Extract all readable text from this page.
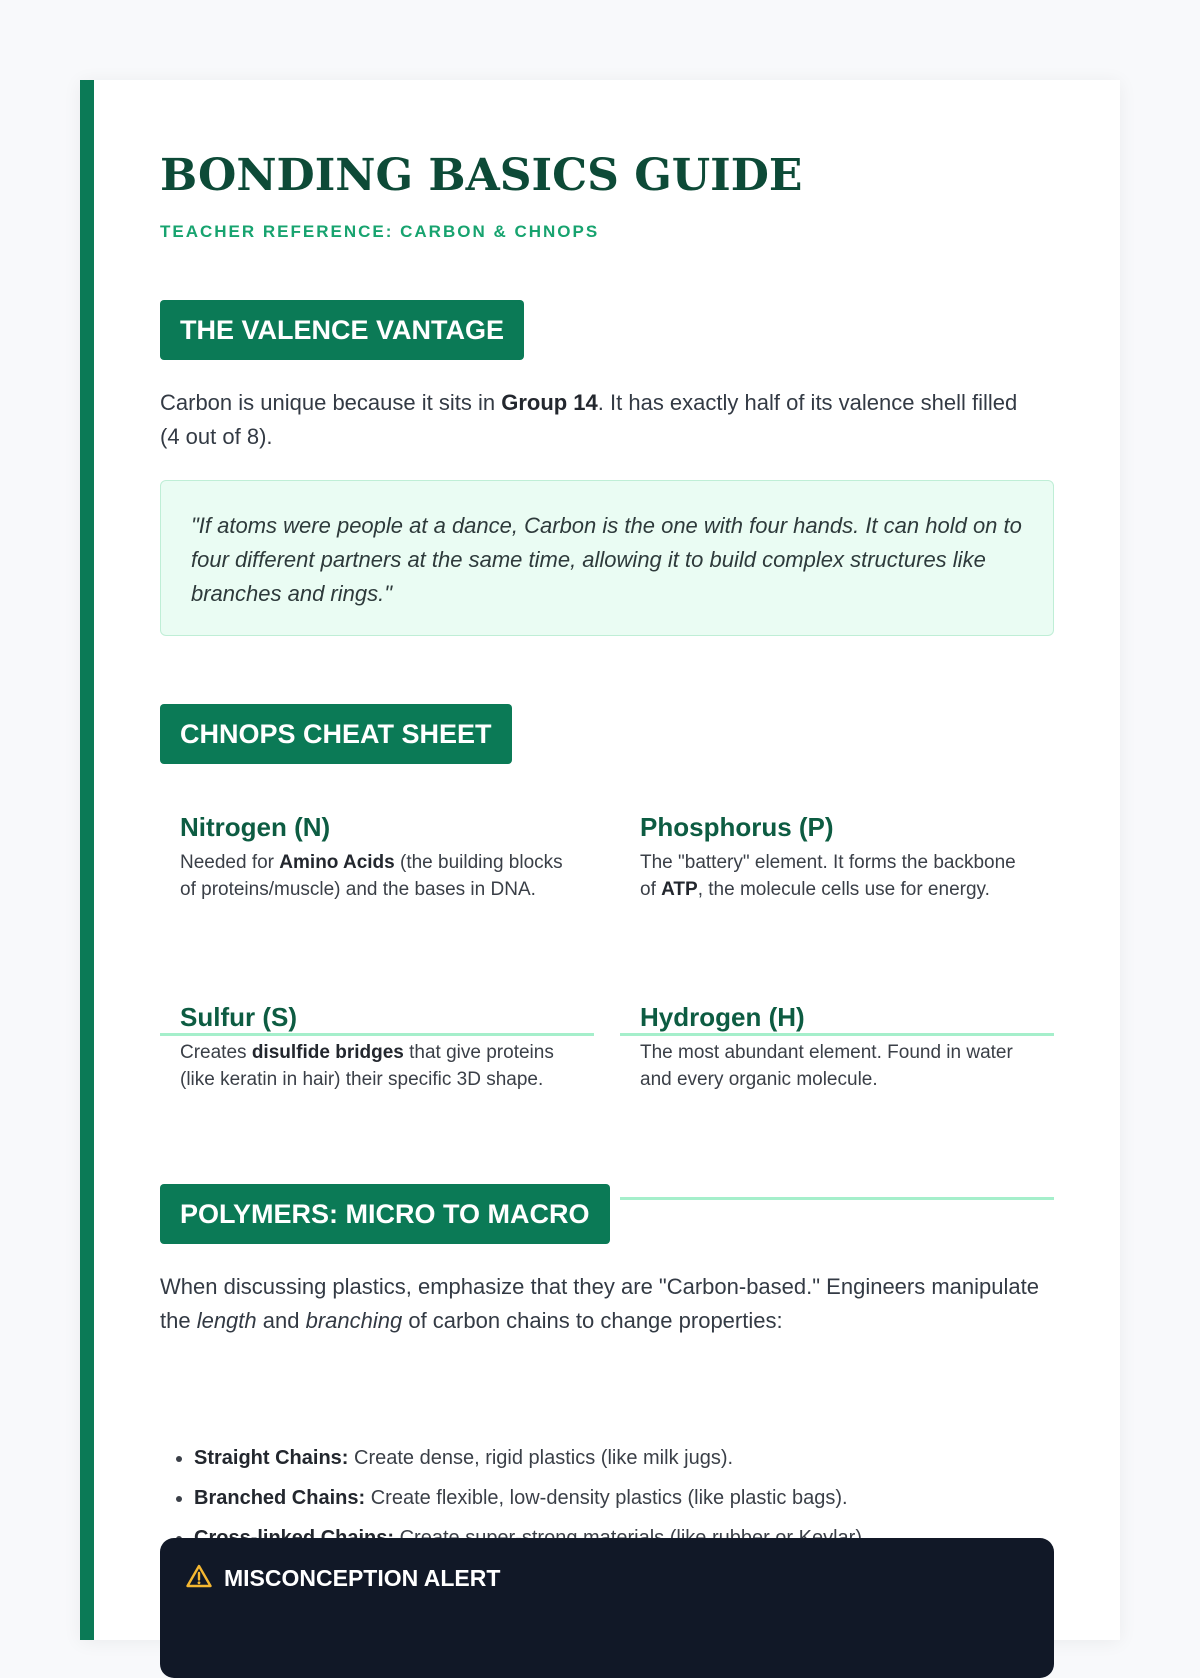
BONDING BASICS GUIDE
TEACHER REFERENCE: CARBON & CHNOPS
THE VALENCE VANTAGE

Carbon is unique because it sits in Group 14. It has exactly half of its valence shell filled (4 out of 8).

"If atoms were people at a dance, Carbon is the one with four hands. It can hold on to four different partners at the same time, allowing it to build complex structures like branches and rings."
CHNOPS CHEAT SHEET
Nitrogen (N)
Needed for Amino Acids (the building blocks of proteins/muscle) and the bases in DNA.
Phosphorus (P)
The "battery" element. It forms the backbone of ATP, the molecule cells use for energy.
Sulfur (S)
Creates disulfide bridges that give proteins (like keratin in hair) their specific 3D shape.
Hydrogen (H)
The most abundant element. Found in water and every organic molecule.
POLYMERS: MICRO TO MACRO

When discussing plastics, emphasize that they are "Carbon-based." Engineers manipulate the length and branching of carbon chains to change properties:

• Straight Chains: Create dense, rigid plastics (like milk jugs).
• Branched Chains: Create flexible, low-density plastics (like plastic bags).
•
MISCONCEPTION ALERT
